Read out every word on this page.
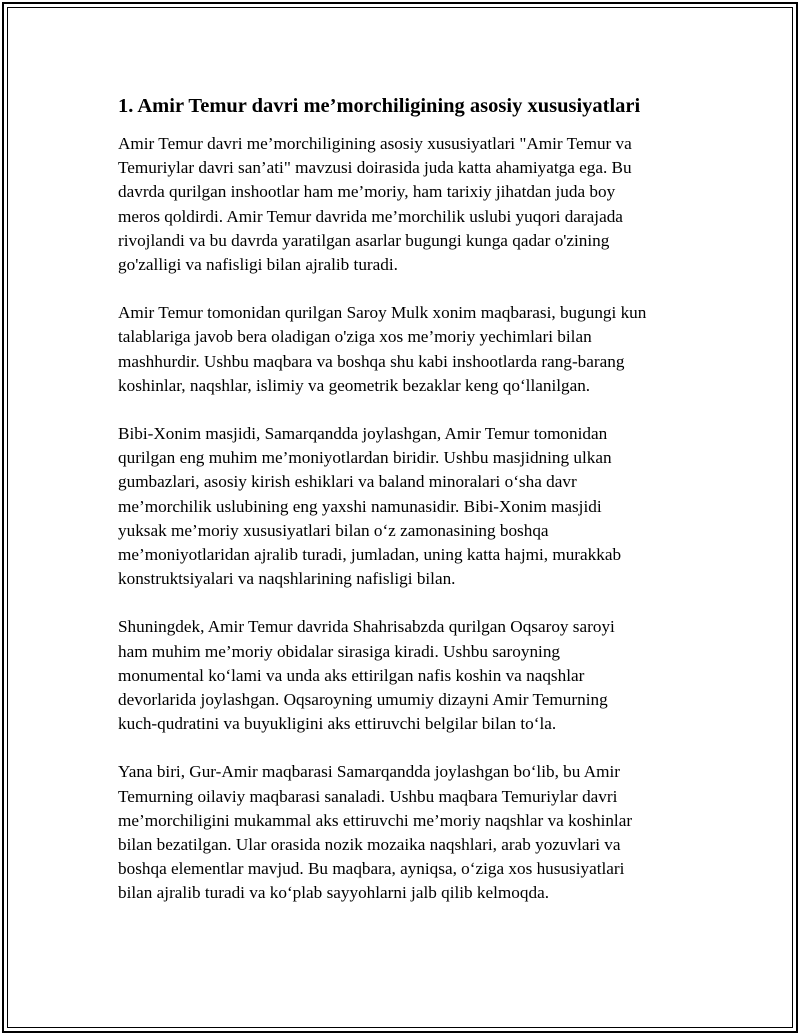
1. Amir Temur davri me’morchiligining asosiy xususiyatlari

Amir Temur davri me’morchiligining asosiy xususiyatlari "Amir Temur va
Temuriylar davri san’ati" mavzusi doirasida juda katta ahamiyatga ega. Bu
davrda qurilgan inshootlar ham me’moriy, ham tarixiy jihatdan juda boy
meros qoldirdi. Amir Temur davrida me’morchilik uslubi yuqori darajada
rivojlandi va bu davrda yaratilgan asarlar bugungi kunga qadar o'zining
go'zalligi va nafisligi bilan ajralib turadi.

Amir Temur tomonidan qurilgan Saroy Mulk xonim maqbarasi, bugungi kun
talablariga javob bera oladigan o'ziga xos me’moriy yechimlari bilan
mashhurdir. Ushbu maqbara va boshqa shu kabi inshootlarda rang-barang
koshinlar, naqshlar, islimiy va geometrik bezaklar keng qo‘llanilgan.

Bibi-Xonim masjidi, Samarqandda joylashgan, Amir Temur tomonidan
qurilgan eng muhim me’moniyotlardan biridir. Ushbu masjidning ulkan
gumbazlari, asosiy kirish eshiklari va baland minoralari o‘sha davr
me’morchilik uslubining eng yaxshi namunasidir. Bibi-Xonim masjidi
yuksak me’moriy xususiyatlari bilan o‘z zamonasining boshqa
me’moniyotlaridan ajralib turadi, jumladan, uning katta hajmi, murakkab
konstruktsiyalari va naqshlarining nafisligi bilan.

Shuningdek, Amir Temur davrida Shahrisabzda qurilgan Oqsaroy saroyi
ham muhim me’moriy obidalar sirasiga kiradi. Ushbu saroyning
monumental ko‘lami va unda aks ettirilgan nafis koshin va naqshlar
devorlarida joylashgan. Oqsaroyning umumiy dizayni Amir Temurning
kuch-qudratini va buyukligini aks ettiruvchi belgilar bilan to‘la.

Yana biri, Gur-Amir maqbarasi Samarqandda joylashgan bo‘lib, bu Amir
Temurning oilaviy maqbarasi sanaladi. Ushbu maqbara Temuriylar davri
me’morchiligini mukammal aks ettiruvchi me’moriy naqshlar va koshinlar
bilan bezatilgan. Ular orasida nozik mozaika naqshlari, arab yozuvlari va
boshqa elementlar mavjud. Bu maqbara, ayniqsa, o‘ziga xos hususiyatlari
bilan ajralib turadi va ko‘plab sayyohlarni jalb qilib kelmoqda.
